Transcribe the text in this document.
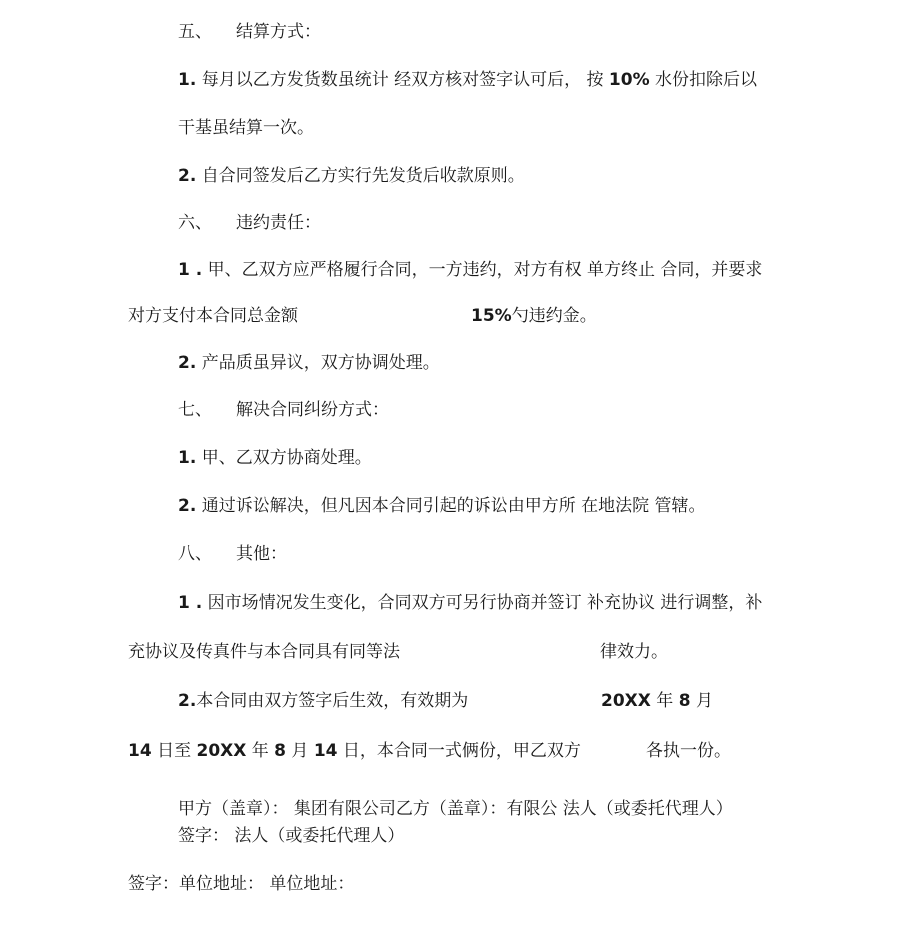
五、 结算方式：
1. 每月以乙方发货数虽统计 经双方核对签字认可后， 按 10% 水份扣除后以
干基虽结算一次。
2. 自合同签发后乙方实行先发货后收款原则。
六、 违约责任：
1 . 甲、乙双方应严格履行合同，一方违约，对方有权 单方终止 合同，并要求
对方支付本合同总金额	15%勺违约金。
2. 产品质虽异议，双方协调处理。
七、 解决合同纠纷方式：
1. 甲、乙双方协商处理。
2. 通过诉讼解决，但凡因本合同引起的诉讼由甲方所 在地法院 管辖。
八、 其他：
1 . 因市场情况发生变化，合同双方可另行协商并签订 补充协议 进行调整，补
充协议及传真件与本合同具有同等法	律效力。
2.本合同由双方签字后生效，有效期为	20XX 年 8 月
14 日至 20XX 年 8 月 14 日，本合同一式俩份，甲乙双方	各执一份。
甲方（盖章）： 集团有限公司乙方（盖章）：有限公 法人（或委托代理人）
签字： 法人（或委托代理人）
签字：单位地址： 单位地址：
